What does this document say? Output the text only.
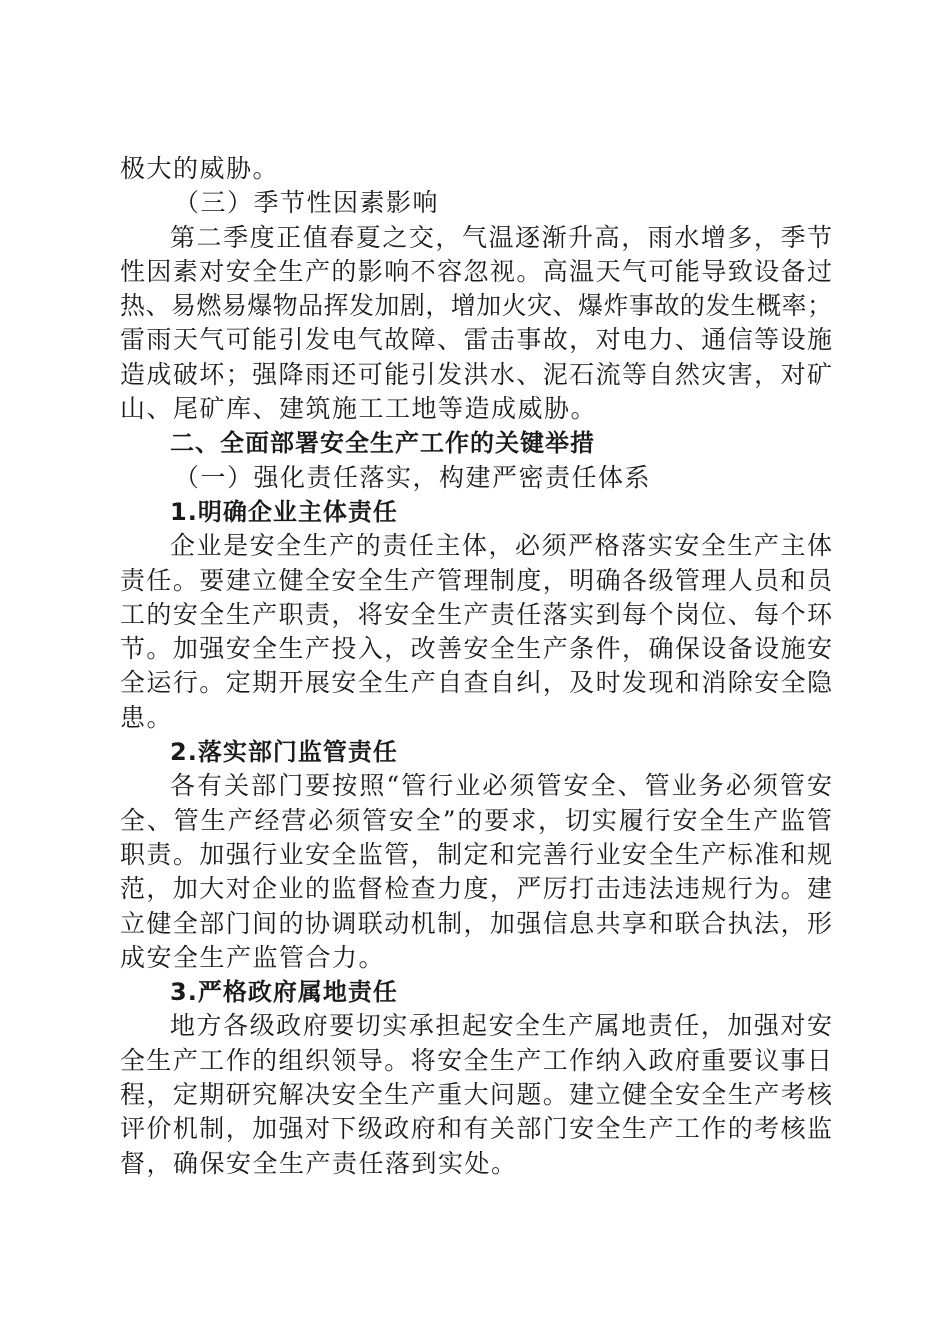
极大的威胁。

（三）季节性因素影响

第二季度正值春夏之交，气温逐渐升高，雨水增多，季节

性因素对安全生产的影响不容忽视。高温天气可能导致设备过

热、易燃易爆物品挥发加剧，增加火灾、爆炸事故的发生概率；

雷雨天气可能引发电气故障、雷击事故，对电力、通信等设施

造成破坏；强降雨还可能引发洪水、泥石流等自然灾害，对矿

山、尾矿库、建筑施工工地等造成威胁。

二、全面部署安全生产工作的关键举措

（一）强化责任落实，构建严密责任体系

1.明确企业主体责任

企业是安全生产的责任主体，必须严格落实安全生产主体

责任。要建立健全安全生产管理制度，明确各级管理人员和员

工的安全生产职责，将安全生产责任落实到每个岗位、每个环

节。加强安全生产投入，改善安全生产条件，确保设备设施安

全运行。定期开展安全生产自查自纠，及时发现和消除安全隐

患。

2.落实部门监管责任

各有关部门要按照“管行业必须管安全、管业务必须管安

全、管生产经营必须管安全”的要求，切实履行安全生产监管

职责。加强行业安全监管，制定和完善行业安全生产标准和规

范，加大对企业的监督检查力度，严厉打击违法违规行为。建

立健全部门间的协调联动机制，加强信息共享和联合执法，形

成安全生产监管合力。

3.严格政府属地责任

地方各级政府要切实承担起安全生产属地责任，加强对安

全生产工作的组织领导。将安全生产工作纳入政府重要议事日

程，定期研究解决安全生产重大问题。建立健全安全生产考核

评价机制，加强对下级政府和有关部门安全生产工作的考核监

督，确保安全生产责任落到实处。
